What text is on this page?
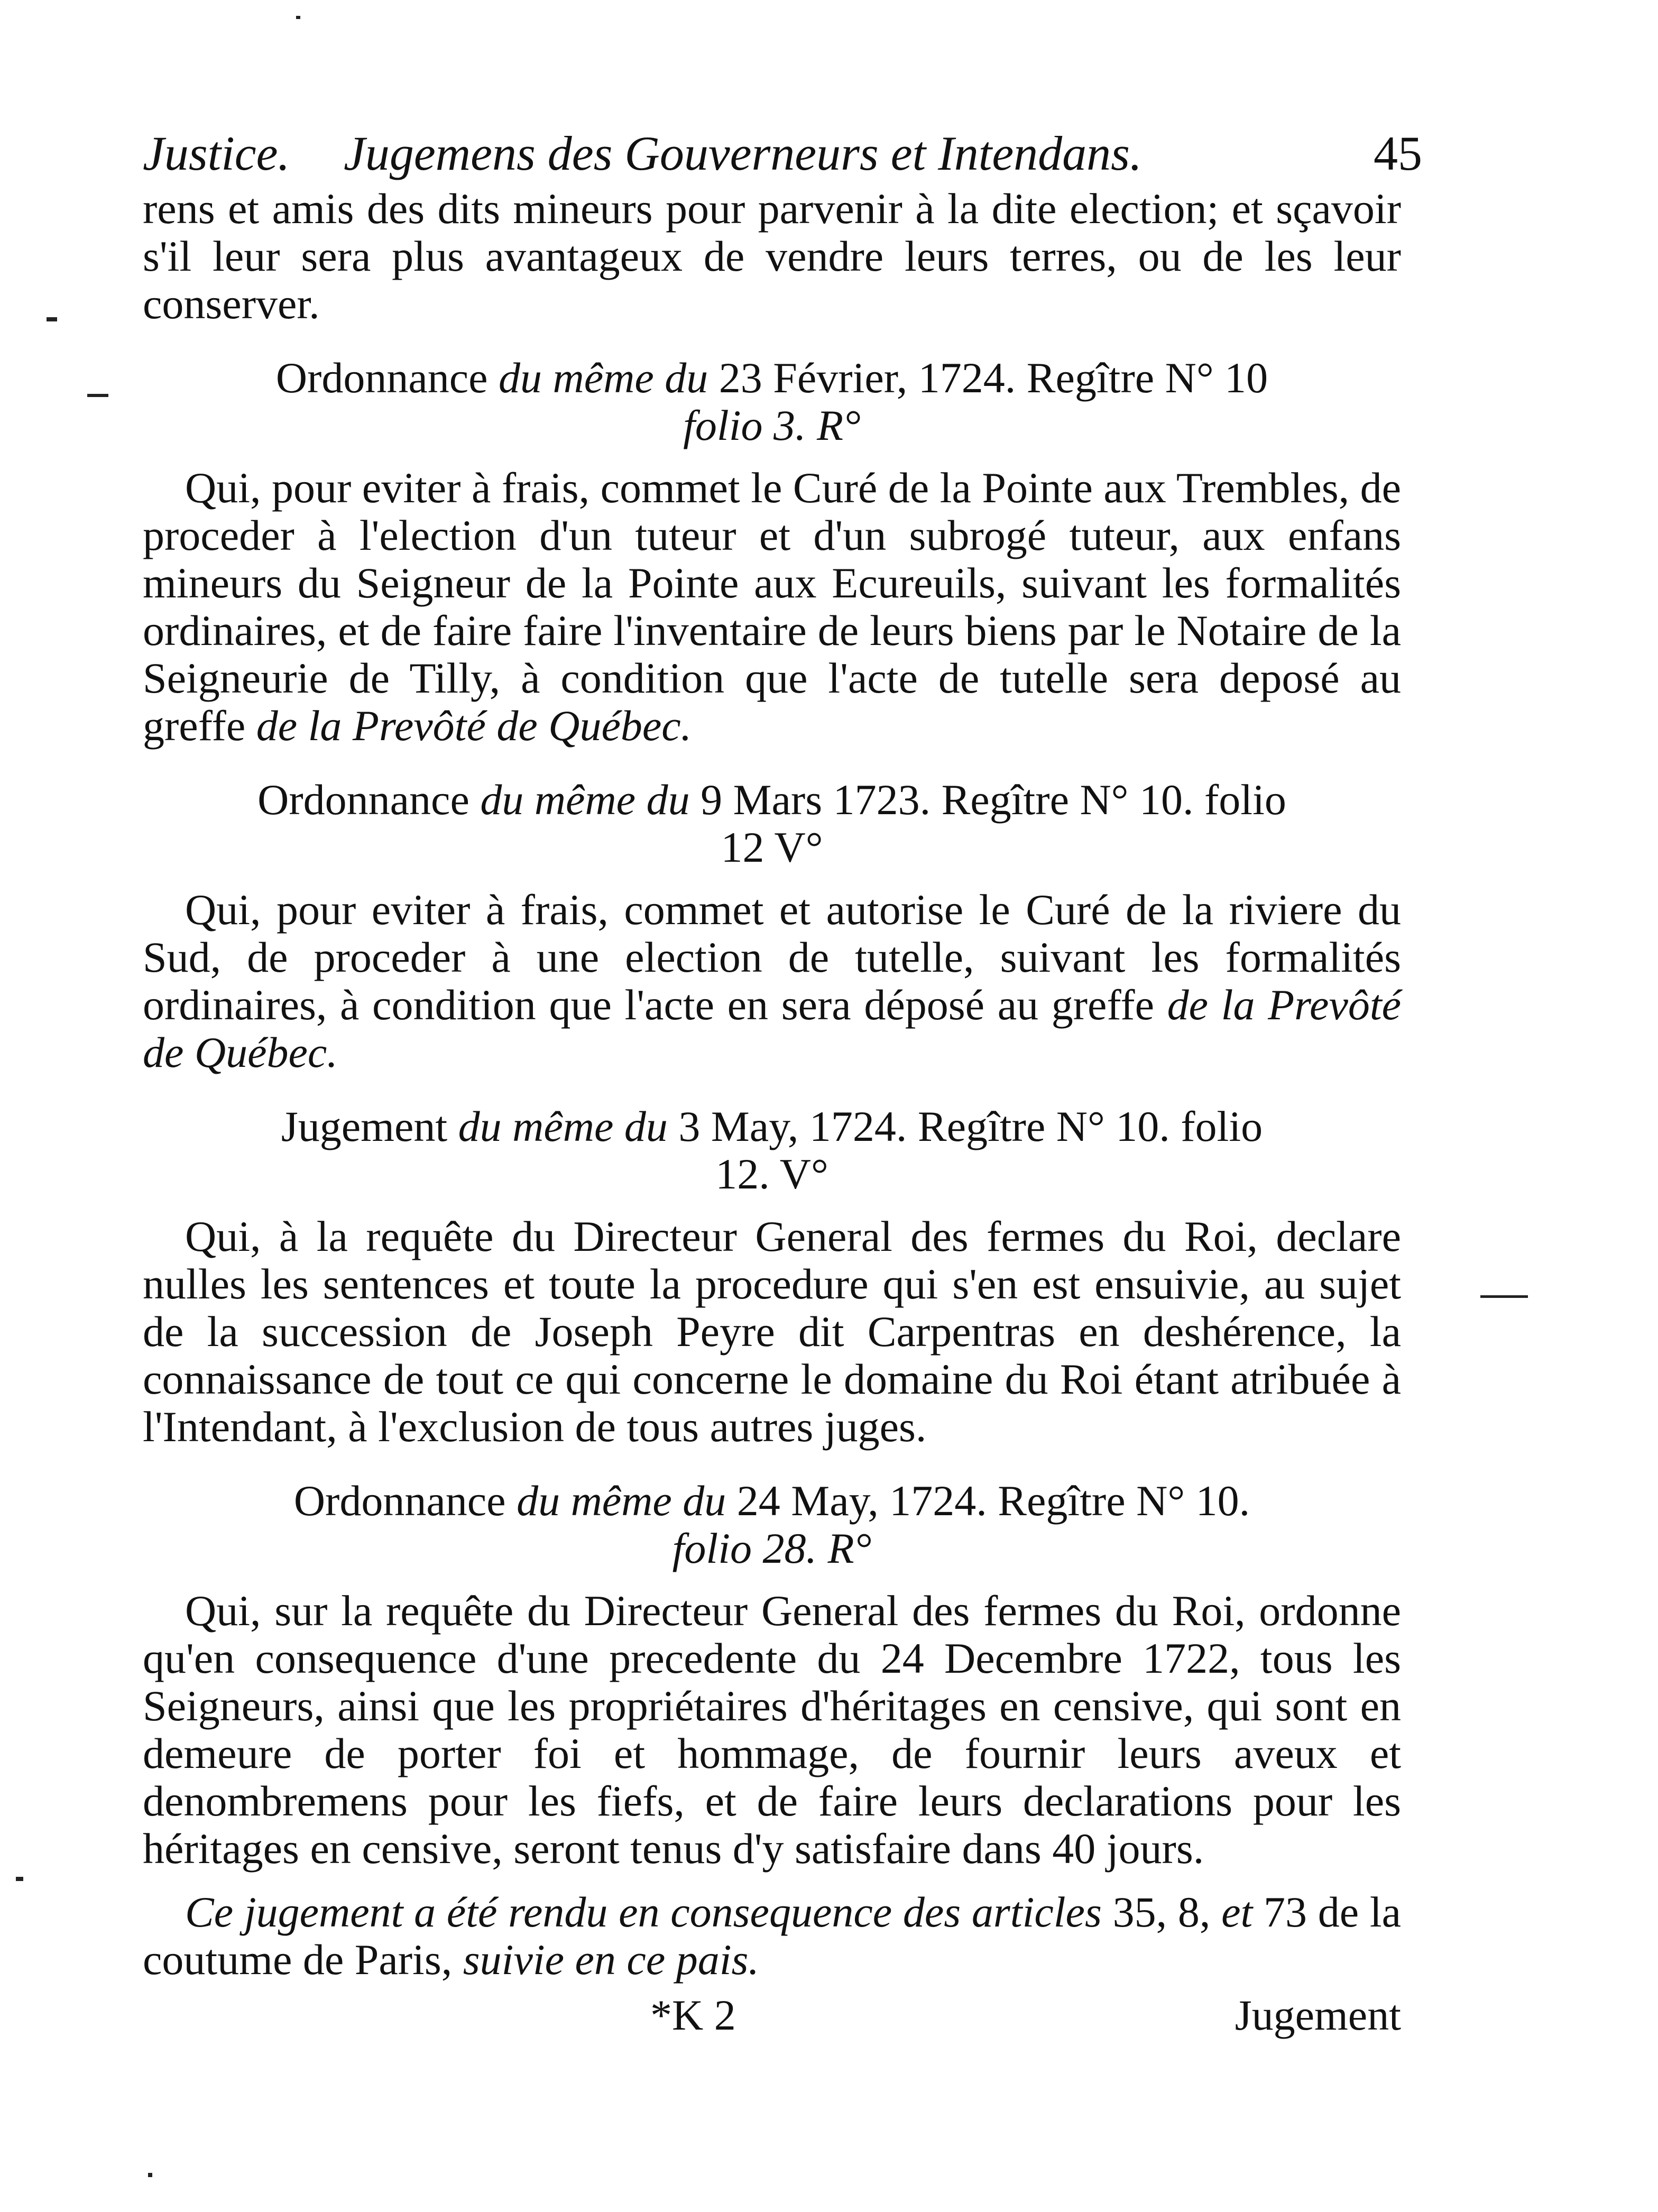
Justice. Jugemens des Gouverneurs et Intendans.	45

rens et amis des dits mineurs pour parvenir à la dite election; et sçavoir s'il leur sera plus avantageux de vendre leurs terres, ou de les leur conserver.

Ordonnance du même du 23 Février, 1724. Regître N° 10
folio 3. R°

Qui, pour eviter à frais, commet le Curé de la Pointe aux Trembles, de proceder à l'election d'un tuteur et d'un subrogé tuteur, aux enfans mineurs du Seigneur de la Pointe aux Ecureuils, suivant les formalités ordinaires, et de faire faire l'inventaire de leurs biens par le Notaire de la Seigneurie de Tilly, à condition que l'acte de tutelle sera deposé au greffe de la Prevôté de Québec.

Ordonnance du même du 9 Mars 1723. Regître N° 10. folio
12 V°

Qui, pour eviter à frais, commet et autorise le Curé de la riviere du Sud, de proceder à une election de tutelle, suivant les formalités ordinaires, à condition que l'acte en sera déposé au greffe de la Prevôté de Québec.

Jugement du même du 3 May, 1724. Regître N° 10. folio
12. V°

Qui, à la requête du Directeur General des fermes du Roi, declare nulles les sentences et toute la procedure qui s'en est ensuivie, au sujet de la succession de Joseph Peyre dit Carpentras en deshérence, la connaissance de tout ce qui concerne le domaine du Roi étant atribuée à l'Intendant, à l'exclusion de tous autres juges.

Ordonnance du même du 24 May, 1724. Regître N° 10.
folio 28. R°

Qui, sur la requête du Directeur General des fermes du Roi, ordonne qu'en consequence d'une precedente du 24 Decembre 1722, tous les Seigneurs, ainsi que les propriétaires d'héritages en censive, qui sont en demeure de porter foi et hommage, de fournir leurs aveux et denombremens pour les fiefs, et de faire leurs declarations pour les héritages en censive, seront tenus d'y satisfaire dans 40 jours.

Ce jugement a été rendu en consequence des articles 35, 8, et 73 de la coutume de Paris, suivie en ce pais.

*K 2	Jugement
